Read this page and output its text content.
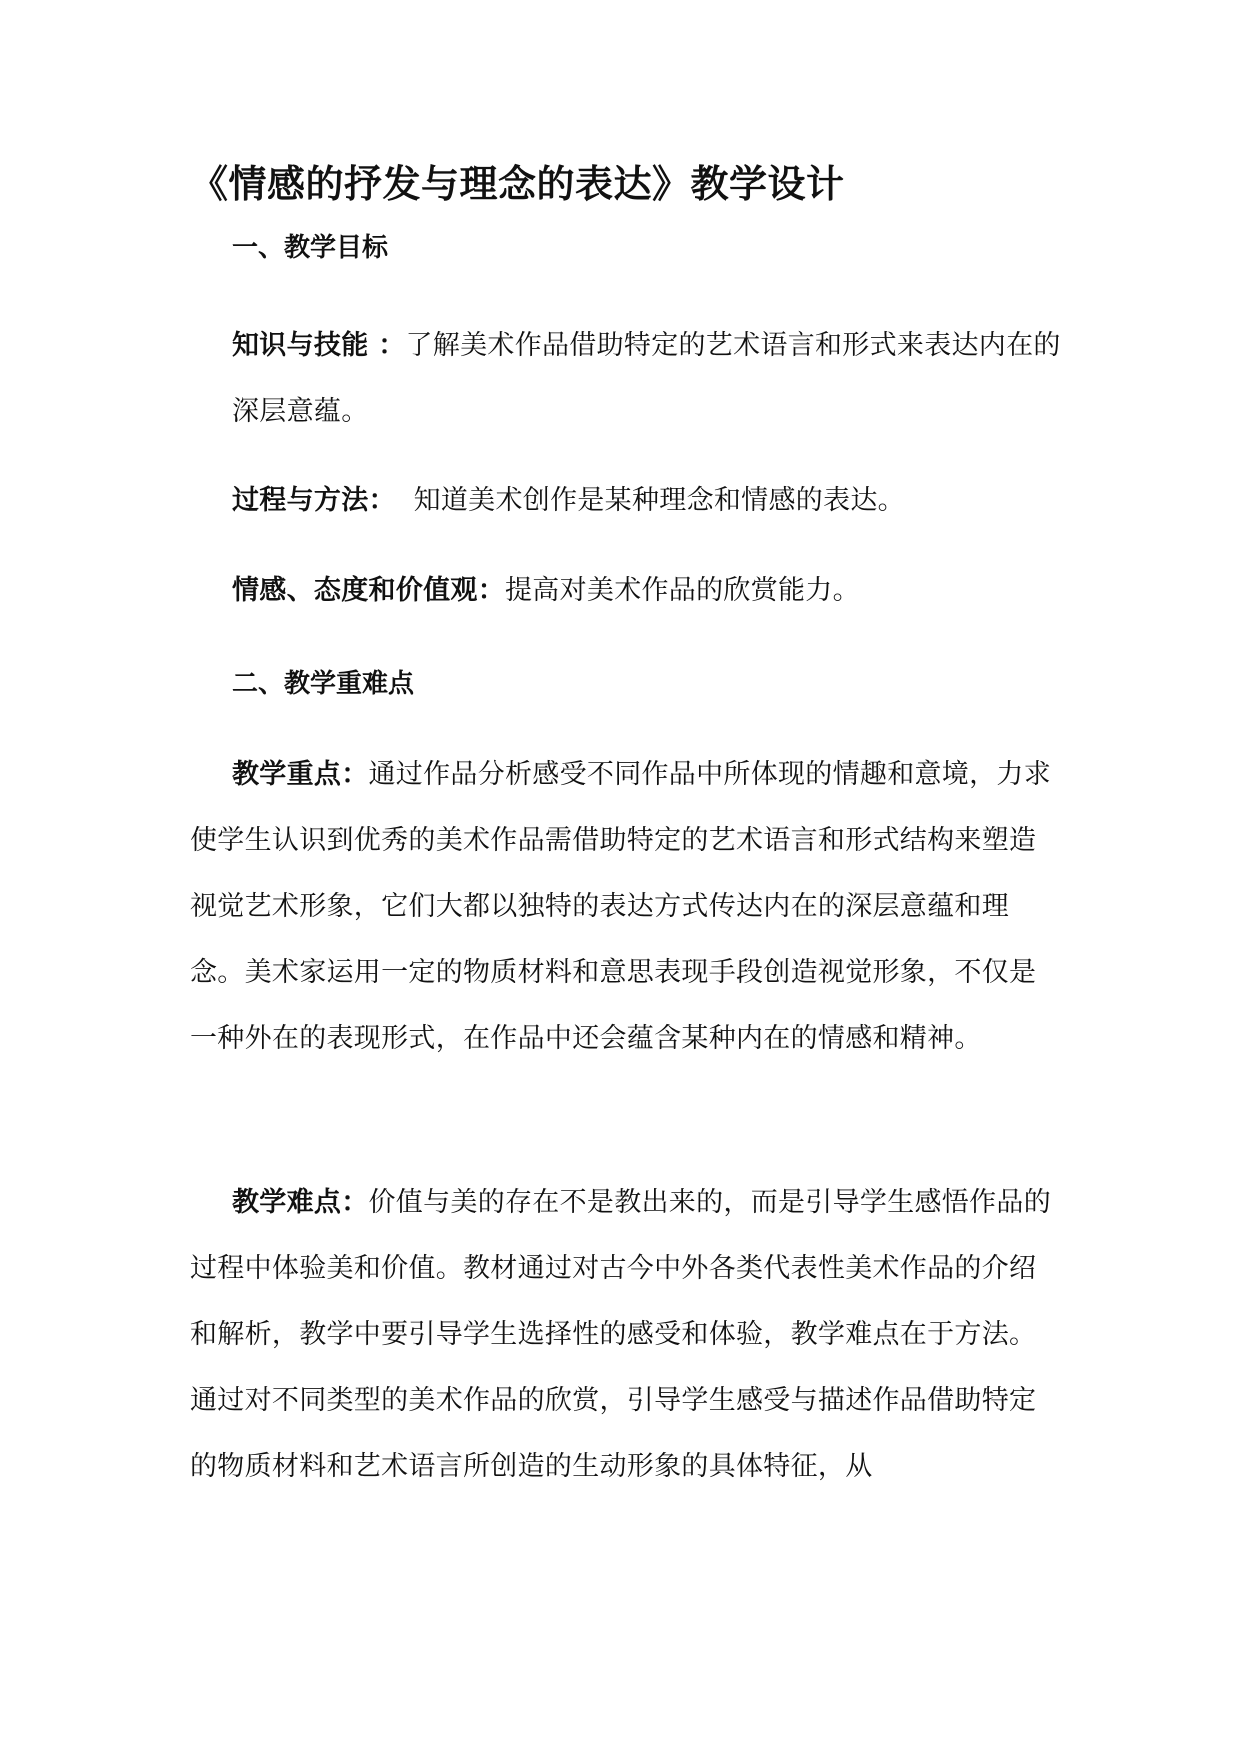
《情感的抒发与理念的表达》教学设计
一、教学目标

知识与技能 ：了解美术作品借助特定的艺术语言和形式来表达内在的深层意蕴。

过程与方法：  知道美术创作是某种理念和情感的表达。

情感、态度和价值观：提高对美术作品的欣赏能力。

二、教学重难点

教学重点：通过作品分析感受不同作品中所体现的情趣和意境，力求使学生认识到优秀的美术作品需借助特定的艺术语言和形式结构来塑造视觉艺术形象，它们大都以独特的表达方式传达内在的深层意蕴和理念。美术家运用一定的物质材料和意思表现手段创造视觉形象，不仅是一种外在的表现形式，在作品中还会蕴含某种内在的情感和精神。

教学难点：价值与美的存在不是教出来的，而是引导学生感悟作品的过程中体验美和价值。教材通过对古今中外各类代表性美术作品的介绍和解析，教学中要引导学生选择性的感受和体验，教学难点在于方法。通过对不同类型的美术作品的欣赏，引导学生感受与描述作品借助特定的物质材料和艺术语言所创造的生动形象的具体特征，从
